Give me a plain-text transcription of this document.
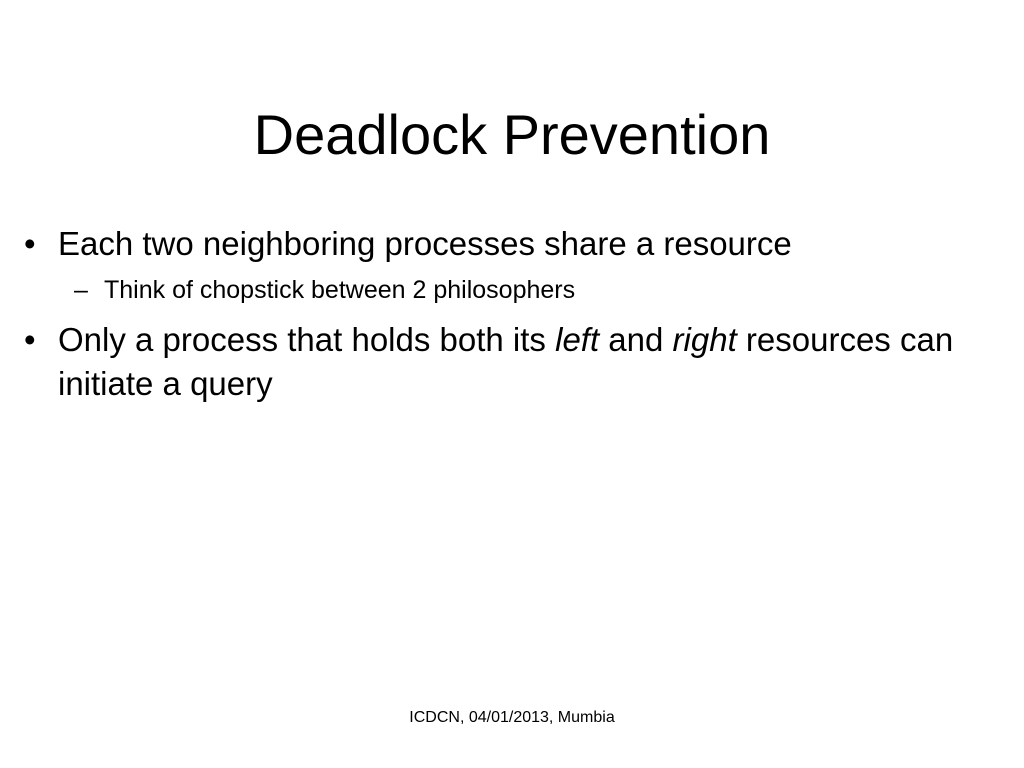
Deadlock Prevention
• Each two neighboring processes share a resource
– Think of chopstick between 2 philosophers
• Only a process that holds both its left and right resources can initiate a query
ICDCN, 04/01/2013, Mumbia
